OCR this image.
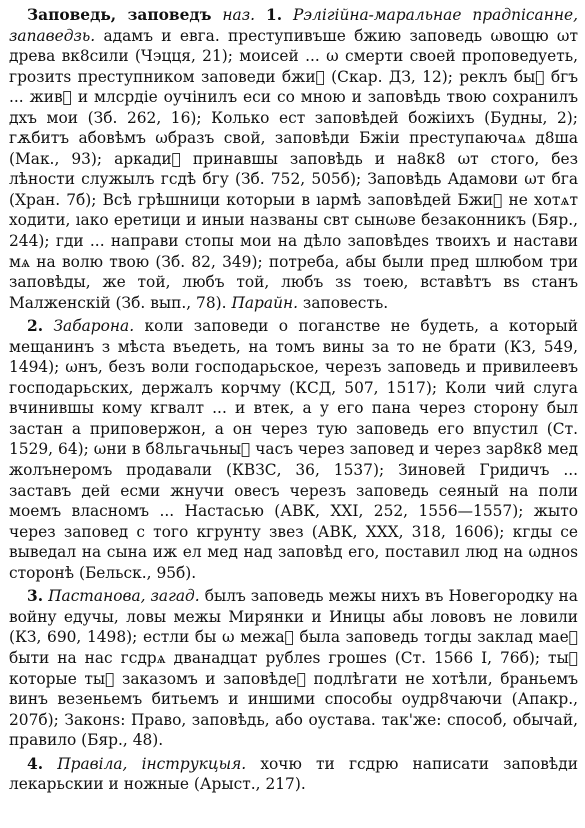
Заповедь, заповедъ наз. 1. Рэлігійна-маральнае прадпісанне, запаведзь. адамъ и евга. преступивъше бжию заповедь ωвощю ωт древа вк8сили (Чэцця, 21); моисей ... ω смерти своей проповедуеть, грозитѕ преступником заповеди бжиⷨ (Скар. ДЗ, 12); реклъ быⷯ бгъ ... живⷮ и млсрдіе оучінилъ еси со мною и заповѣдь твою сохранилъ дхъ мои (Зб. 262, 16); Колько ест заповѣдей божіихъ (Будны, 2); гѫбитъ абовѣмъ ωбразъ свой, заповѣди Бжіи преступаючаѧ д8ша (Мак., 93); аркадиⷯ принавшы заповѣдь и на8к8 ωт стого, без лѣности служылъ гсдѣ бгу (Зб. 752, 505б); Заповѣдь Адамови ωт бга (Хран. 7б); Всѣ грѣшници которыи в ıармѣ заповѣдей Бжиⷯ не хотѧт ходити, ıако еретици и иныи названы свт сынωве безаконникъ (Бяр., 244); гди ... направи стопы мои на дѣло заповѣдеѕ твоихъ и настави мѧ на волю твою (Зб. 82, 349); потреба, абы были пред шлюбом три заповѣды, же той, любъ той, любъ зѕ тоею, вставѣтъ вѕ станъ Малженскій (Зб. вып., 78). Парайн. заповесть.

2. Забарона. коли заповеди о поганстве не будеть, а который мещанинъ з мѣста въедеть, на томъ вины за то не брати (КЗ, 549, 1494); ωнъ, безъ воли господарьское, черезъ заповедь и привилеевъ господарьских, держалъ корчму (КСД, 507, 1517); Коли чий слуга вчинившы кому кгвалт ... и втек, а у его пана через сторону был застан а приповержон, а он через тую заповедь его впустил (Ст. 1529, 64); ωни в б8льгачьныⷯ часъ через заповед и через зар8к8 мед жолънеромъ продавали (КВЗС, 36, 1537); Зиновей Гридичъ ... заставъ дей есми жнучи овесъ черезъ заповедь сеяный на поли моемъ власномъ ... Настасью (АВК, XXI, 252, 1556—1557); жыто через заповед с того кгрунту звез (АВК, XXX, 318, 1606); кгды се выведал на сына иж ел мед над заповѣд его, поставил люд на ωдноѕ сторонѣ (Бельск., 95б).

3. Пастанова, загад. былъ заповедь межы нихъ въ Новегородку на войну едучы, ловы межы Мирянки и Иницы абы лововъ не ловили (КЗ, 690, 1498); естли бы ω межаⷯ была заповедь тогды заклад маеⷮ быти на нас гсдрѧ дванадцат рублеѕ грошеѕ (Ст. 1566 І, 76б); тыⷯ которые тыⷨ заказомъ и заповѣдеⷨ подлѣгати не хотѣли, браньемъ винъ везеньемъ битьемъ и иншими способы оудр8чаючи (Апакр., 207б); Законѕ: Право, заповѣдь, або оустава. так'же: способ, обычай, правило (Бяр., 48).

4. Правіла, інструкцыя. хочю ти гсдрю написати заповѣди лекарьскии и ножные (Арыст., 217).
